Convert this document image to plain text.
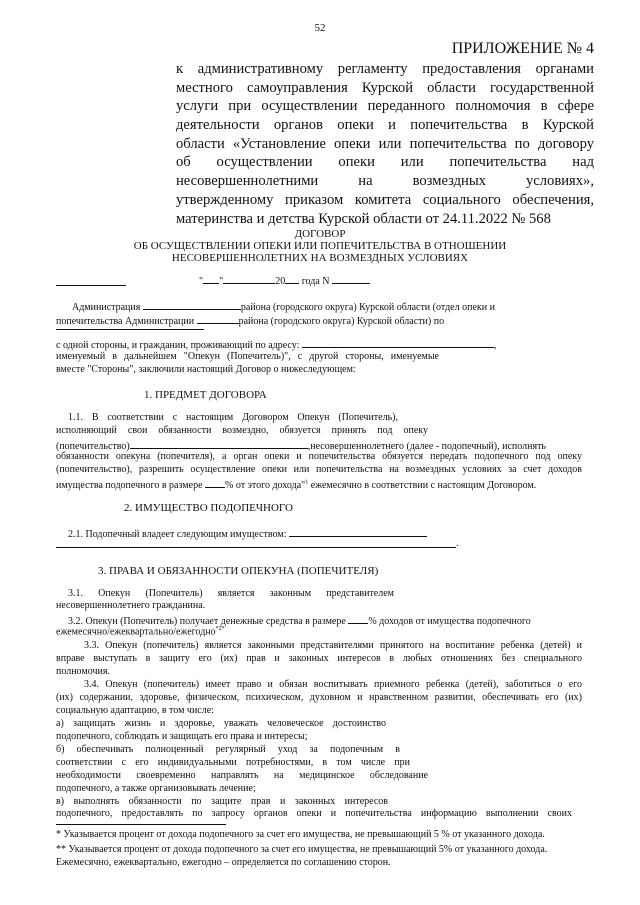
52
ПРИЛОЖЕНИЕ № 4
к административному регламенту предоставления органами
местного самоуправления Курской области государственной
услуги при осуществлении переданного полномочия в сфере
деятельности органов опеки и попечительства в Курской
области «Установление опеки или попечительства по договору
об осуществлении опеки или попечительства над
несовершеннолетними на возмездных условиях»,
утвержденному приказом комитета социального обеспечения,
материнства и детства Курской области от 24.11.2022 № 568
ДОГОВОР
ОБ ОСУЩЕСТВЛЕНИИ ОПЕКИ ИЛИ ПОПЕЧИТЕЛЬСТВА В ОТНОШЕНИИ
НЕСОВЕРШЕННОЛЕТНИХ НА ВОЗМЕЗДНЫХ УСЛОВИЯХ
" "	20 года N
Администрация	района (городского округа) Курской области (отдел опеки и
попечительства Администрации	района (городского округа) Курской области) по
с одной стороны, и гражданин, проживающий по адресу:	,
именуемый в дальнейшем "Опекун (Попечитель)", с другой стороны, именуемые
вместе "Стороны", заключили настоящий Договор о нижеследующем:
1. ПРЕДМЕТ ДОГОВОРА
1.1. В соответствии с настоящим Договором Опекун (Попечитель),
исполняющий свои обязанности возмездно, обязуется принять под опеку
(попечительство)	,несовершеннолетнего (далее - подопечный), исполнять
обязанности опекуна (попечителя), а орган опеки и попечительства обязуется передать подопечного под опеку
(попечительство), разрешить осуществление опеки или попечительства на возмездных условиях за счет доходов
имущества подопечного в размере % от этого дохода"$^1$ ежемесячно в соответствии с настоящим Договором.
2. ИМУЩЕСТВО ПОДОПЕЧНОГО
2.1. Подопечный владеет следующим имуществом:
.
3. ПРАВА И ОБЯЗАННОСТИ ОПЕКУНА (ПОПЕЧИТЕЛЯ)
3.1. Опекун (Попечитель) является законным представителем
несовершеннолетнего гражданина.
3.2. Опекун (Попечитель) получает денежные средства в размере % доходов от имущества подопечного
ежемесячно/ежеквартально/ежегодно$^{*2*}$
3.3. Опекун (попечитель) является законными представителями принятого на воспитание ребенка (детей) и
вправе выступать в защиту его (их) прав и законных интересов в любых отношениях без специального
полномочия.
3.4. Опекун (попечитель) имеет право и обязан воспитывать приемного ребенка (детей), заботиться о его
(их) содержании, здоровье, физическом, психическом, духовном и нравственном развитии, обеспечивать его (их)
социальную адаптацию, в том числе:
а) защищать жизнь и здоровье, уважать человеческое достоинство
подопечного, соблюдать и защищать его права и интересы;
б) обеспечивать полноценный регулярный уход за подопечным в
соответствии с его индивидуальными потребностями, в том числе при
необходимости своевременно направлять на медицинское обследование
подопечного, а также организовывать лечение;
в) выполнять обязанности по защите прав и законных интересов
подопечного, предоставлять по запросу органов опеки и попечительства информацию выполнении своих
* Указывается процент от дохода подопечного за счет его имущества, не превышающий 5 % от указанного дохода.
** Указывается процент от дохода подопечного за счет его имущества, не превышающий 5% от указанного дохода.
Ежемесячно, ежеквартально, ежегодно – определяется по соглашению сторон.
